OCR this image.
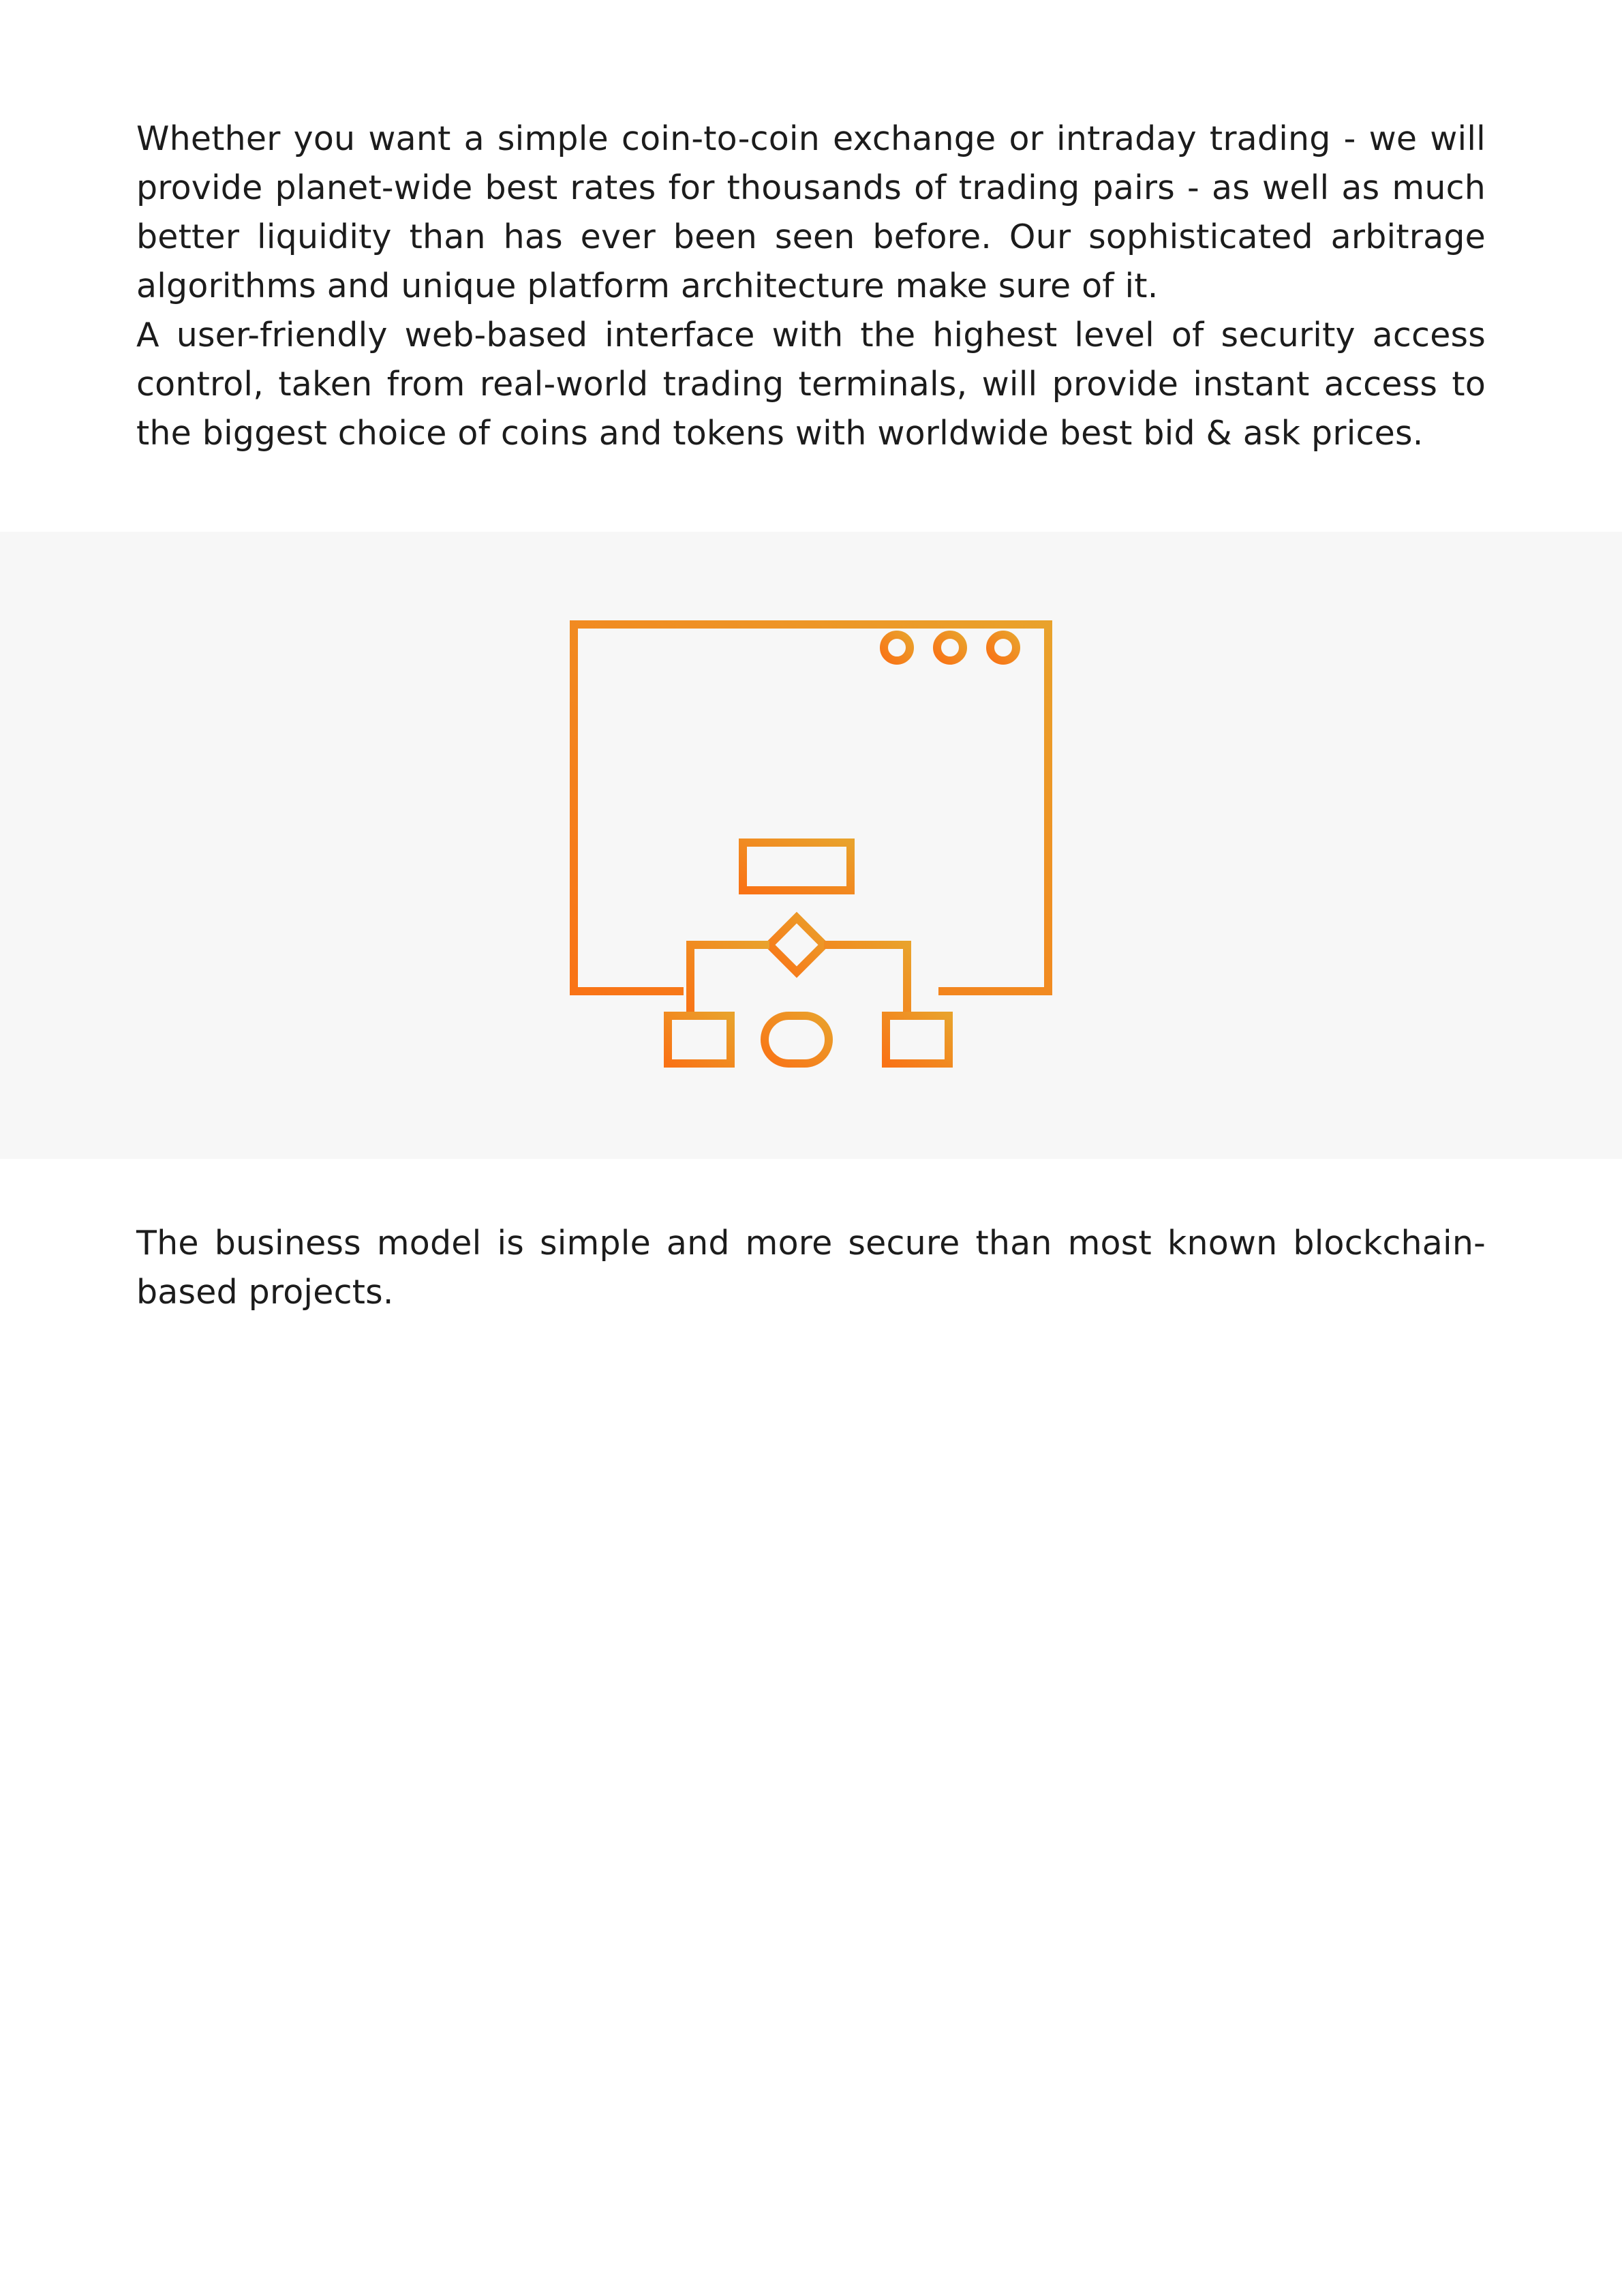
Whether you want a simple coin-to-coin exchange or intraday trading - we will provide planet-wide best rates for thousands of trading pairs - as well as much better liquidity than has ever been seen before. Our sophisticated arbitrage algorithms and unique platform architecture make sure of it.

A user-friendly web-based interface with the highest level of security access control, taken from real-world trading terminals, will provide instant access to the biggest choice of coins and tokens with worldwide best bid & ask prices.

The business model is simple and more secure than most known blockchain-based projects.
